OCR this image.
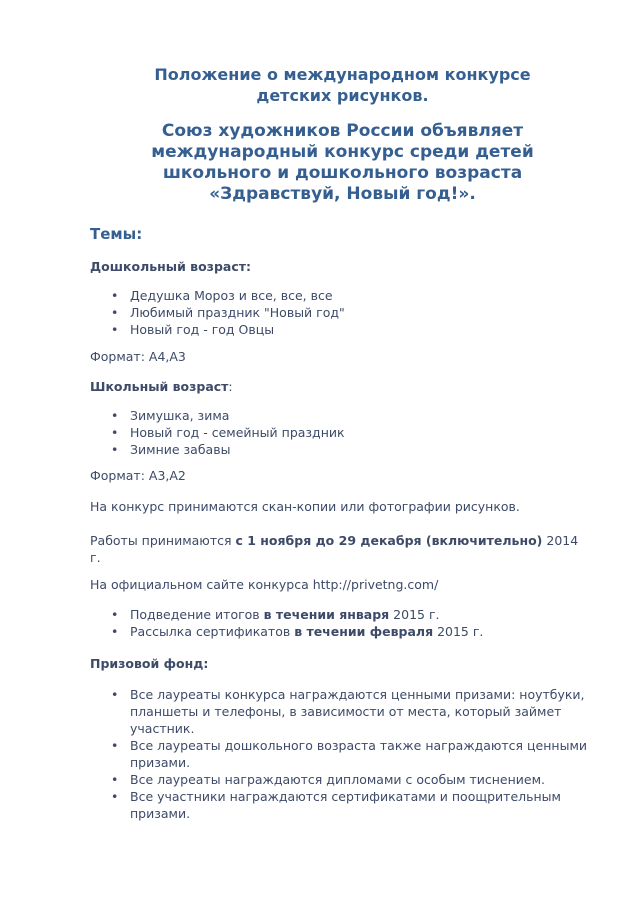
Положение о международном конкурсе детских рисунков.
Союз художников России объявляет международный конкурс среди детей школьного и дошкольного возраста «Здравствуй, Новый год!».
Темы:
Дошкольный возраст:
• Дедушка Мороз и все, все, все
• Любимый праздник "Новый год"
• Новый год - год Овцы
Формат: А4,А3
Школьный возраст:
• Зимушка, зима
• Новый год - семейный праздник
• Зимние забавы
Формат: А3,А2
На конкурс принимаются скан-копии или фотографии рисунков.
Работы принимаются с 1 ноября до 29 декабря (включительно) 2014
г.
На официальном сайте конкурса http://privetng.com/
• Подведение итогов в течении января 2015 г.
• Рассылка сертификатов в течении февраля 2015 г.
Призовой фонд:
• Все лауреаты конкурса награждаются ценными призами: ноутбуки,
планшеты и телефоны, в зависимости от места, который займет
участник.
• Все лауреаты дошкольного возраста также награждаются ценными
призами.
• Все лауреаты награждаются дипломами с особым тиснением.
• Все участники награждаются сертификатами и поощрительным
призами.
